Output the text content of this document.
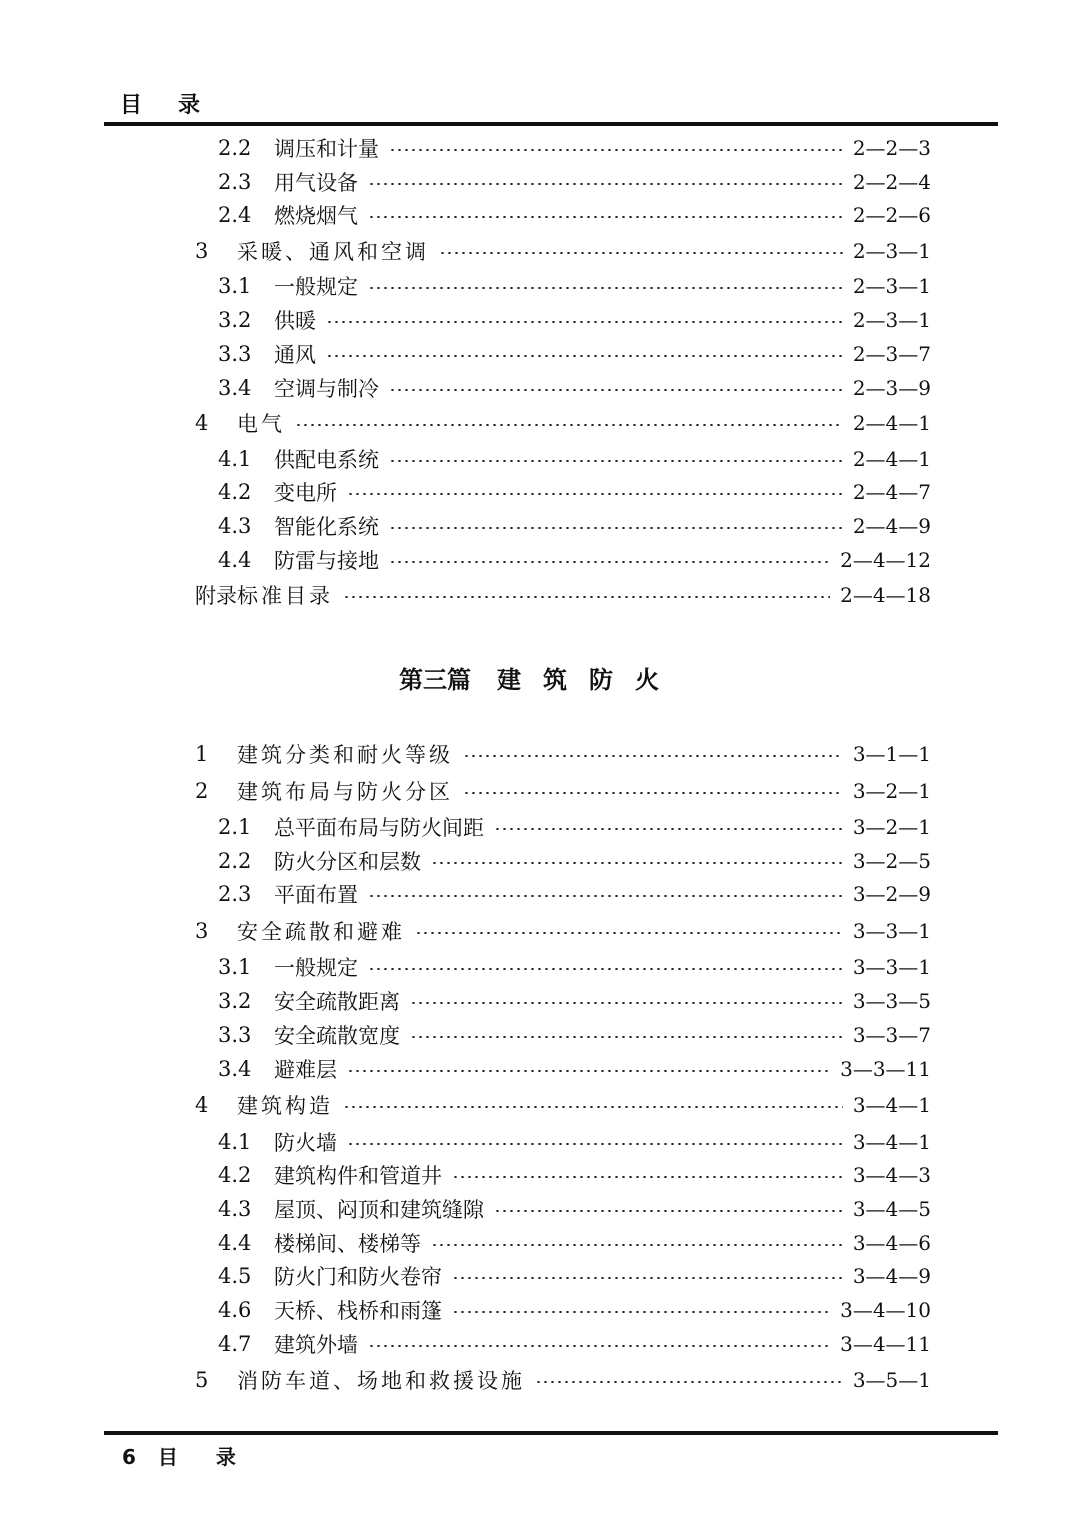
目录
2.2	调压和计量	2—2—3
2.3	用气设备	2—2—4
2.4	燃烧烟气	2—2—6
3	采暖、通风和空调	2—3—1
3.1	一般规定	2—3—1
3.2	供暖	2—3—1
3.3	通风	2—3—7
3.4	空调与制冷	2—3—9
4	电气	2—4—1
4.1	供配电系统	2—4—1
4.2	变电所	2—4—7
4.3	智能化系统	2—4—9
4.4	防雷与接地	2—4—12
附录 标准目录	2—4—18
第三篇 建筑防火
1	建筑分类和耐火等级	3—1—1
2	建筑布局与防火分区	3—2—1
2.1	总平面布局与防火间距	3—2—1
2.2	防火分区和层数	3—2—5
2.3	平面布置	3—2—9
3	安全疏散和避难	3—3—1
3.1	一般规定	3—3—1
3.2	安全疏散距离	3—3—5
3.3	安全疏散宽度	3—3—7
3.4	避难层	3—3—11
4	建筑构造	3—4—1
4.1	防火墙	3—4—1
4.2	建筑构件和管道井	3—4—3
4.3	屋顶、闷顶和建筑缝隙	3—4—5
4.4	楼梯间、楼梯等	3—4—6
4.5	防火门和防火卷帘	3—4—9
4.6	天桥、栈桥和雨篷	3—4—10
4.7	建筑外墙	3—4—11
5	消防车道、场地和救援设施	3—5—1
6 目录
